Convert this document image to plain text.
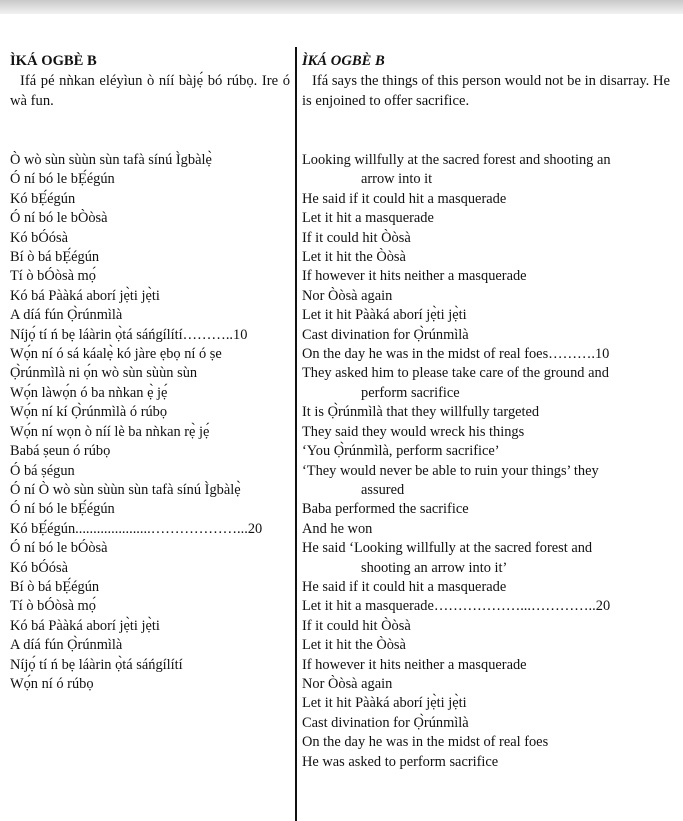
ÌKÁ OGBÈ B

Ifá pé nǹkan eléyìun ò níí bàjẹ́ bó rúbọ. Ire ó wà fun.

ÌKÁ OGBÈ B

Ifá says the things of this person would not be in disarray. He is enjoined to offer sacrifice.

Ò wò sùn sùùn sùn tafà sínú Ìgbàlẹ̀
Ó ní bó le bẸ́égún
Kó bẸ́égún
Ó ní bó le bÒòsà
Kó bÓósà
Bí ò bá bẸ́égún
Tí ò bÓòsà mọ́
Kó bá Pààká aborí jẹ̀ti jẹ̀ti
A díá fún Ọ̀rúnmìlà
Níjọ́ tí ń bẹ láàrin ọ̀tá sáńgílítí………..10
Wọ́n ní ó sá káalẹ̀ kó jàre ẹbọ ní ó ṣe
Ọ̀rúnmìlà ni ọ́n wò sùn sùùn sùn
Wọ́n làwọ́n ó ba nǹkan ẹ̀ jẹ́
Wọ́n ní kí Ọ̀rúnmìlà ó rúbọ
Wọ́n ní wọn ò níí lè ba nǹkan rẹ̀ jẹ́
Babá ṣeun ó rúbọ
Ó bá ṣégun
Ó ní Ò wò sùn sùùn sùn tafà sínú Ìgbàlẹ̀
Ó ní bó le bẸ́égún
Kó bẸ́égún.....................………………...20
Ó ní bó le bÓòsà
Kó bÓósà
Bí ò bá bẸ́égún
Tí ò bÓòsà mọ́
Kó bá Pààká aborí jẹ̀ti jẹ̀ti
A díá fún Ọ̀rúnmìlà
Níjọ́ tí ń bẹ láàrin ọ̀tá sáńgílítí
Wọ́n ní ó rúbọ
Looking willfully at the sacred forest and shooting an
arrow into it
He said if it could hit a masquerade
Let it hit a masquerade
If it could hit Òòsà
Let it hit the Òòsà
If however it hits neither a masquerade
Nor Òòsà again
Let it hit Pààká aborí jẹ̀ti jẹ̀ti
Cast divination for Ọ̀rúnmìlà
On the day he was in the midst of real foes……….10
They asked him to please take care of the ground and
perform sacrifice
It is Ọ̀rúnmìlà that they willfully targeted
They said they would wreck his things
‘You Ọ̀rúnmìlà, perform sacrifice’
‘They would never be able to ruin your things’ they
assured
Baba performed the sacrifice
And he won
He said ‘Looking willfully at the sacred forest and
shooting an arrow into it’
He said if it could hit a masquerade
Let it hit a masquerade………………...…………..20
If it could hit Òòsà
Let it hit the Òòsà
If however it hits neither a masquerade
Nor Òòsà again
Let it hit Pààká aborí jẹ̀ti jẹ̀ti
Cast divination for Ọ̀rúnmìlà
On the day he was in the midst of real foes
He was asked to perform sacrifice
